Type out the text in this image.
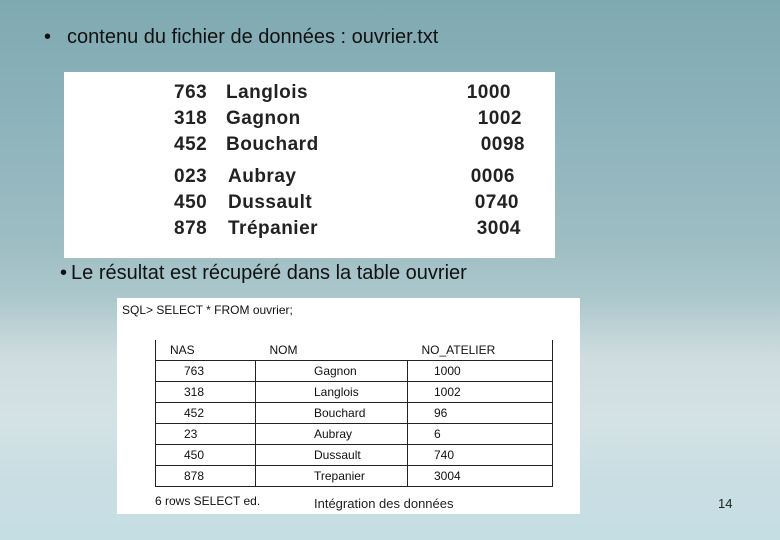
• contenu du fichier de données : ouvrier.txt
763 Langlois	1000
318 Gagnon	1002
452 Bouchard	0098
023 Aubray	0006
450 Dussault	0740
878 Trépanier	3004
• Le résultat est récupéré dans la table ouvrier
SQL> SELECT * FROM ouvrier;
NAS	NOM	NO_ATELIER
763	Gagnon	1000
318	Langlois	1002
452	Bouchard	96
23	Aubray	6
450	Dussault	740
878	Trepanier	3004
6 rows SELECT ed.	Intégration des données	14
